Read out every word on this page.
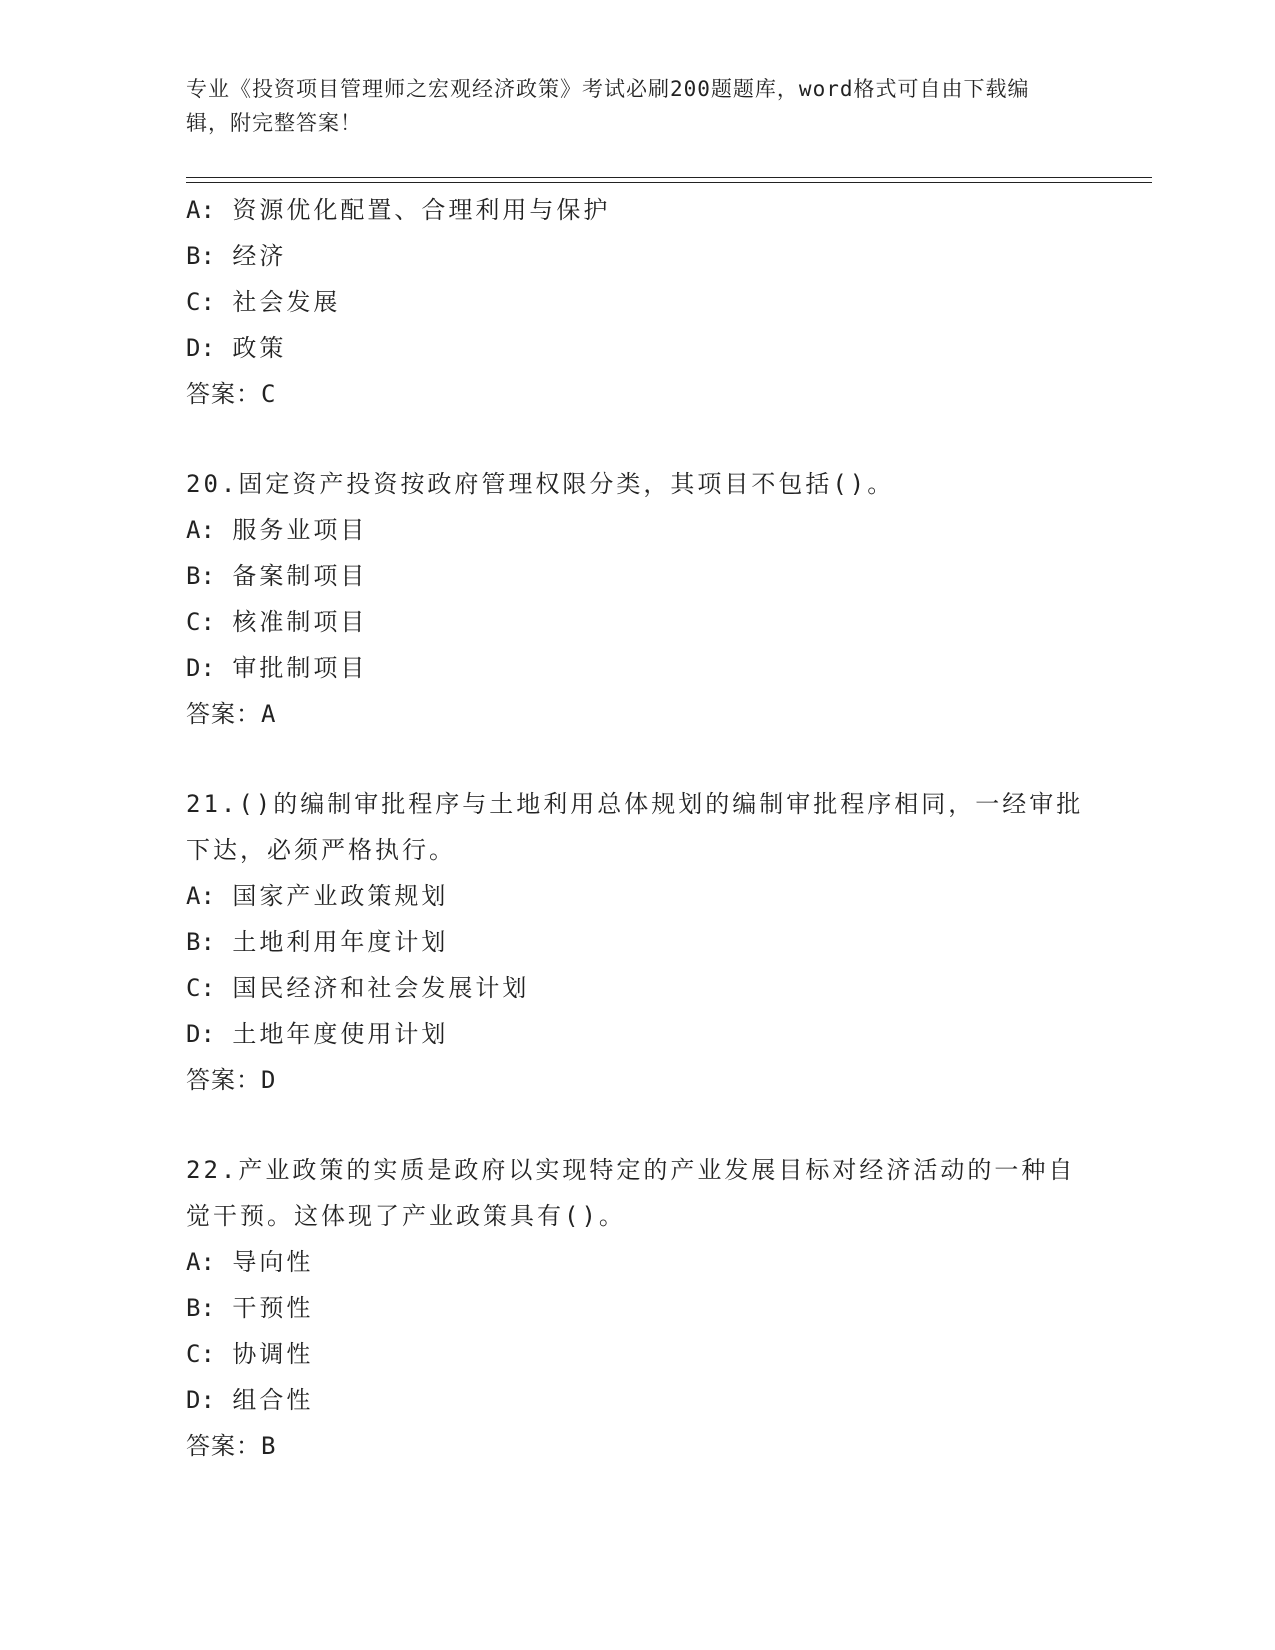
专业《投资项目管理师之宏观经济政策》考试必刷200题题库，word格式可自由下载编辑，附完整答案！
A: 资源优化配置、合理利用与保护
B: 经济
C: 社会发展
D: 政策
答案：C
20.固定资产投资按政府管理权限分类，其项目不包括()。
A: 服务业项目
B: 备案制项目
C: 核准制项目
D: 审批制项目
答案：A
21.()的编制审批程序与土地利用总体规划的编制审批程序相同，一经审批下达，必须严格执行。
A: 国家产业政策规划
B: 土地利用年度计划
C: 国民经济和社会发展计划
D: 土地年度使用计划
答案：D
22.产业政策的实质是政府以实现特定的产业发展目标对经济活动的一种自觉干预。这体现了产业政策具有()。
A: 导向性
B: 干预性
C: 协调性
D: 组合性
答案：B
